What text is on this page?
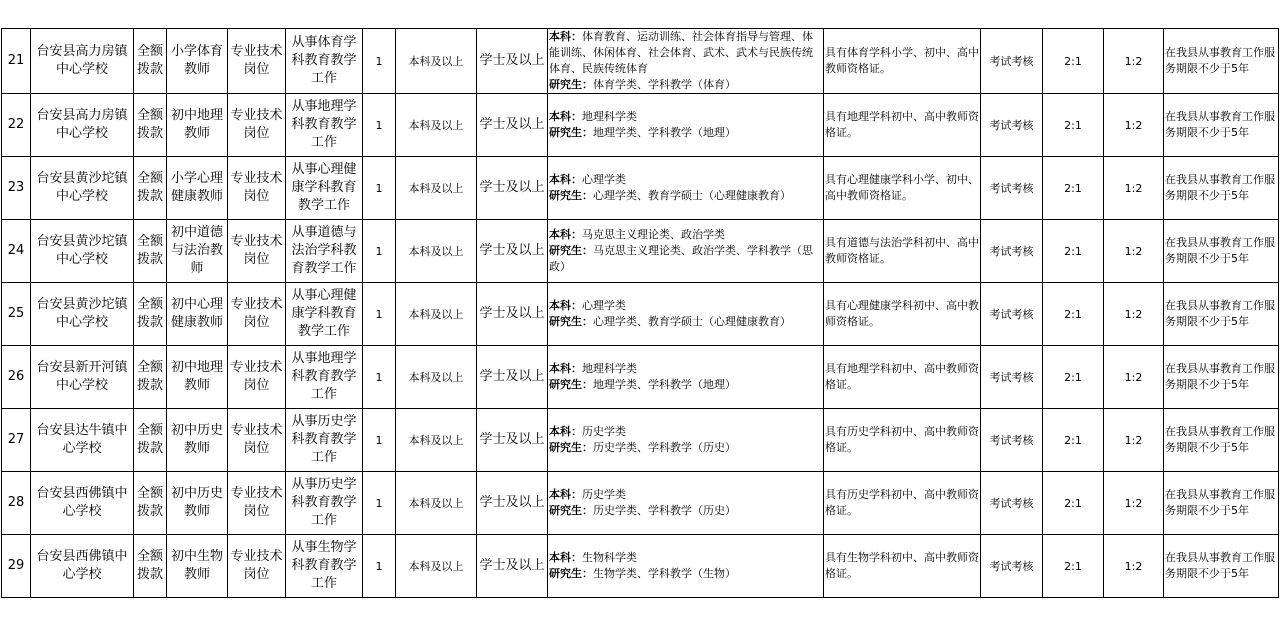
21	台安县高力房镇中心学校	全额拨款	小学体育教师	专业技术岗位	从事体育学科教育教学工作	1	本科及以上	学士及以上	本科：体育教育、运动训练、社会体育指导与管理、体能训练、休闲体育、社会体育、武术、武术与民族传统体育、民族传统体育
研究生：体育学类、学科教学（体育）	具有体育学科小学、初中、高中教师资格证。	考试考核	2:1	1:2	在我县从事教育工作服务期限不少于5年
22	台安县高力房镇中心学校	全额拨款	初中地理教师	专业技术岗位	从事地理学科教育教学工作	1	本科及以上	学士及以上	本科：地理科学类
研究生：地理学类、学科教学（地理）	具有地理学科初中、高中教师资格证。	考试考核	2:1	1:2	在我县从事教育工作服务期限不少于5年
23	台安县黄沙坨镇中心学校	全额拨款	小学心理健康教师	专业技术岗位	从事心理健康学科教育教学工作	1	本科及以上	学士及以上	本科：心理学类
研究生：心理学类、教育学硕士（心理健康教育）	具有心理健康学科小学、初中、高中教师资格证。	考试考核	2:1	1:2	在我县从事教育工作服务期限不少于5年
24	台安县黄沙坨镇中心学校	全额拨款	初中道德与法治教师	专业技术岗位	从事道德与法治学科教育教学工作	1	本科及以上	学士及以上	本科：马克思主义理论类、政治学类
研究生：马克思主义理论类、政治学类、学科教学（思政）	具有道德与法治学科初中、高中教师资格证。	考试考核	2:1	1:2	在我县从事教育工作服务期限不少于5年
25	台安县黄沙坨镇中心学校	全额拨款	初中心理健康教师	专业技术岗位	从事心理健康学科教育教学工作	1	本科及以上	学士及以上	本科：心理学类
研究生：心理学类、教育学硕士（心理健康教育）	具有心理健康学科初中、高中教师资格证。	考试考核	2:1	1:2	在我县从事教育工作服务期限不少于5年
26	台安县新开河镇中心学校	全额拨款	初中地理教师	专业技术岗位	从事地理学科教育教学工作	1	本科及以上	学士及以上	本科：地理科学类
研究生：地理学类、学科教学（地理）	具有地理学科初中、高中教师资格证。	考试考核	2:1	1:2	在我县从事教育工作服务期限不少于5年
27	台安县达牛镇中心学校	全额拨款	初中历史教师	专业技术岗位	从事历史学科教育教学工作	1	本科及以上	学士及以上	本科：历史学类
研究生：历史学类、学科教学（历史）	具有历史学科初中、高中教师资格证。	考试考核	2:1	1:2	在我县从事教育工作服务期限不少于5年
28	台安县西佛镇中心学校	全额拨款	初中历史教师	专业技术岗位	从事历史学科教育教学工作	1	本科及以上	学士及以上	本科：历史学类
研究生：历史学类、学科教学（历史）	具有历史学科初中、高中教师资格证。	考试考核	2:1	1:2	在我县从事教育工作服务期限不少于5年
29	台安县西佛镇中心学校	全额拨款	初中生物教师	专业技术岗位	从事生物学科教育教学工作	1	本科及以上	学士及以上	本科：生物科学类
研究生：生物学类、学科教学（生物）	具有生物学科初中、高中教师资格证。	考试考核	2:1	1:2	在我县从事教育工作服务期限不少于5年
